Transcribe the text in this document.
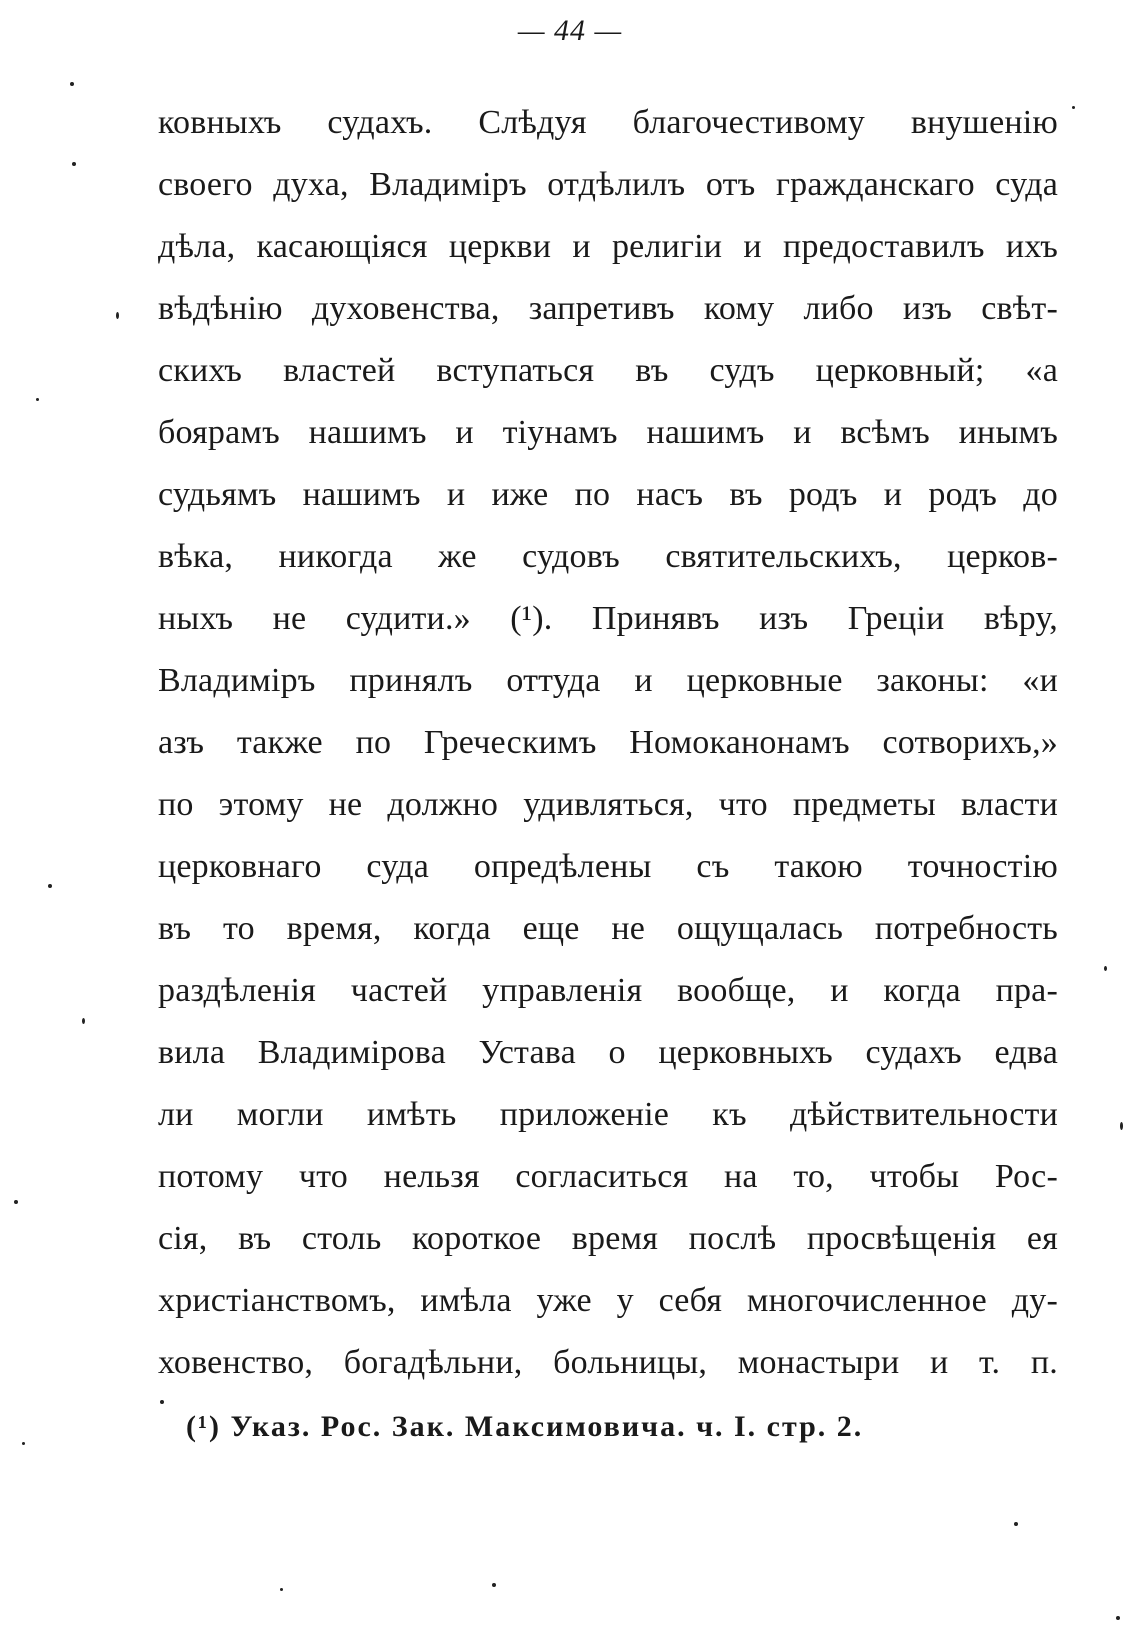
— 44 —
ковныхъ судахъ. Слѣдуя благочестивому внушенію
своего духа, Владиміръ отдѣлилъ отъ гражданскаго суда
дѣла, касающіяся церкви и религіи и предоставилъ ихъ
вѣдѣнію духовенства, запретивъ кому либо изъ свѣт-
скихъ властей вступаться въ судъ церковный; «а
боярамъ нашимъ и тіунамъ нашимъ и всѣмъ инымъ
судьямъ нашимъ и иже по насъ въ родъ и родъ до
вѣка, никогда же судовъ святительскихъ, церков-
ныхъ не судити.» (¹). Принявъ изъ Греціи вѣру,
Владиміръ принялъ оттуда и церковные законы: «и
азъ также по Греческимъ Номоканонамъ сотворихъ,»
по этому не должно удивляться, что предметы власти
церковнаго суда опредѣлены съ такою точностію
въ то время, когда еще не ощущалась потребность
раздѣленія частей управленія вообще, и когда пра-
вила Владимірова Устава о церковныхъ судахъ едва
ли могли имѣть приложеніе къ дѣйствительности
потому что нельзя согласиться на то, чтобы Рос-
сія, въ столь короткое время послѣ просвѣщенія ея
христіанствомъ, имѣла уже у себя многочисленное ду-
ховенство, богадѣльни, больницы, монастыри и т. п.
(¹) Указ. Рос. Зак. Максимовича. ч. I. стр. 2.
